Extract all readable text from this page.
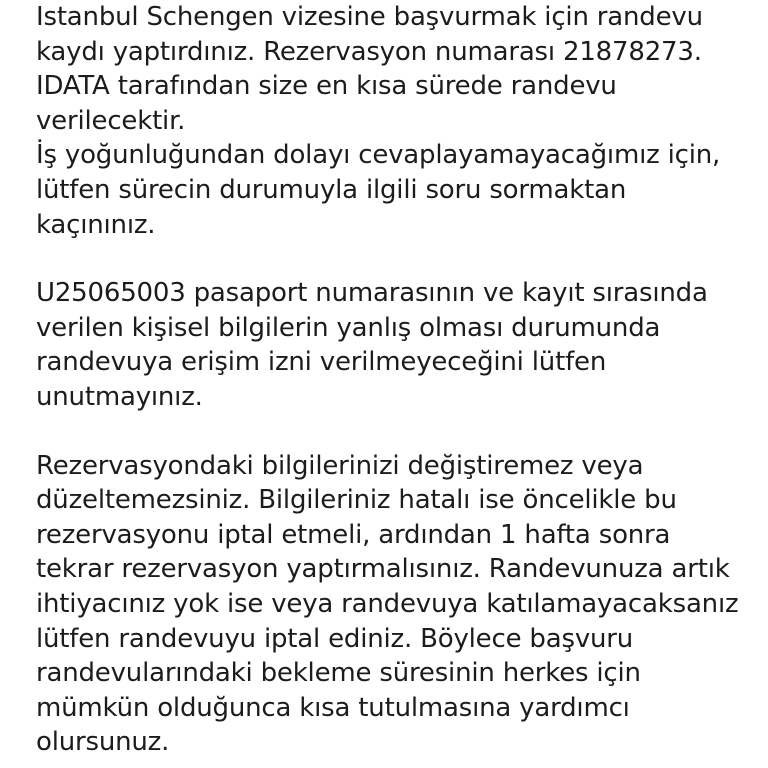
Istanbul Schengen vizesine başvurmak için randevu
kaydı yaptırdınız. Rezervasyon numarası 21878273.
IDATA tarafından size en kısa sürede randevu
verilecektir.
İş yoğunluğundan dolayı cevaplayamayacağımız için,
lütfen sürecin durumuyla ilgili soru sormaktan
kaçınınız.
U25065003 pasaport numarasının ve kayıt sırasında
verilen kişisel bilgilerin yanlış olması durumunda
randevuya erişim izni verilmeyeceğini lütfen
unutmayınız.
Rezervasyondaki bilgilerinizi değiştiremez veya
düzeltemezsiniz. Bilgileriniz hatalı ise öncelikle bu
rezervasyonu iptal etmeli, ardından 1 hafta sonra
tekrar rezervasyon yaptırmalısınız. Randevunuza artık
ihtiyacınız yok ise veya randevuya katılamayacaksanız
lütfen randevuyu iptal ediniz. Böylece başvuru
randevularındaki bekleme süresinin herkes için
mümkün olduğunca kısa tutulmasına yardımcı
olursunuz.
